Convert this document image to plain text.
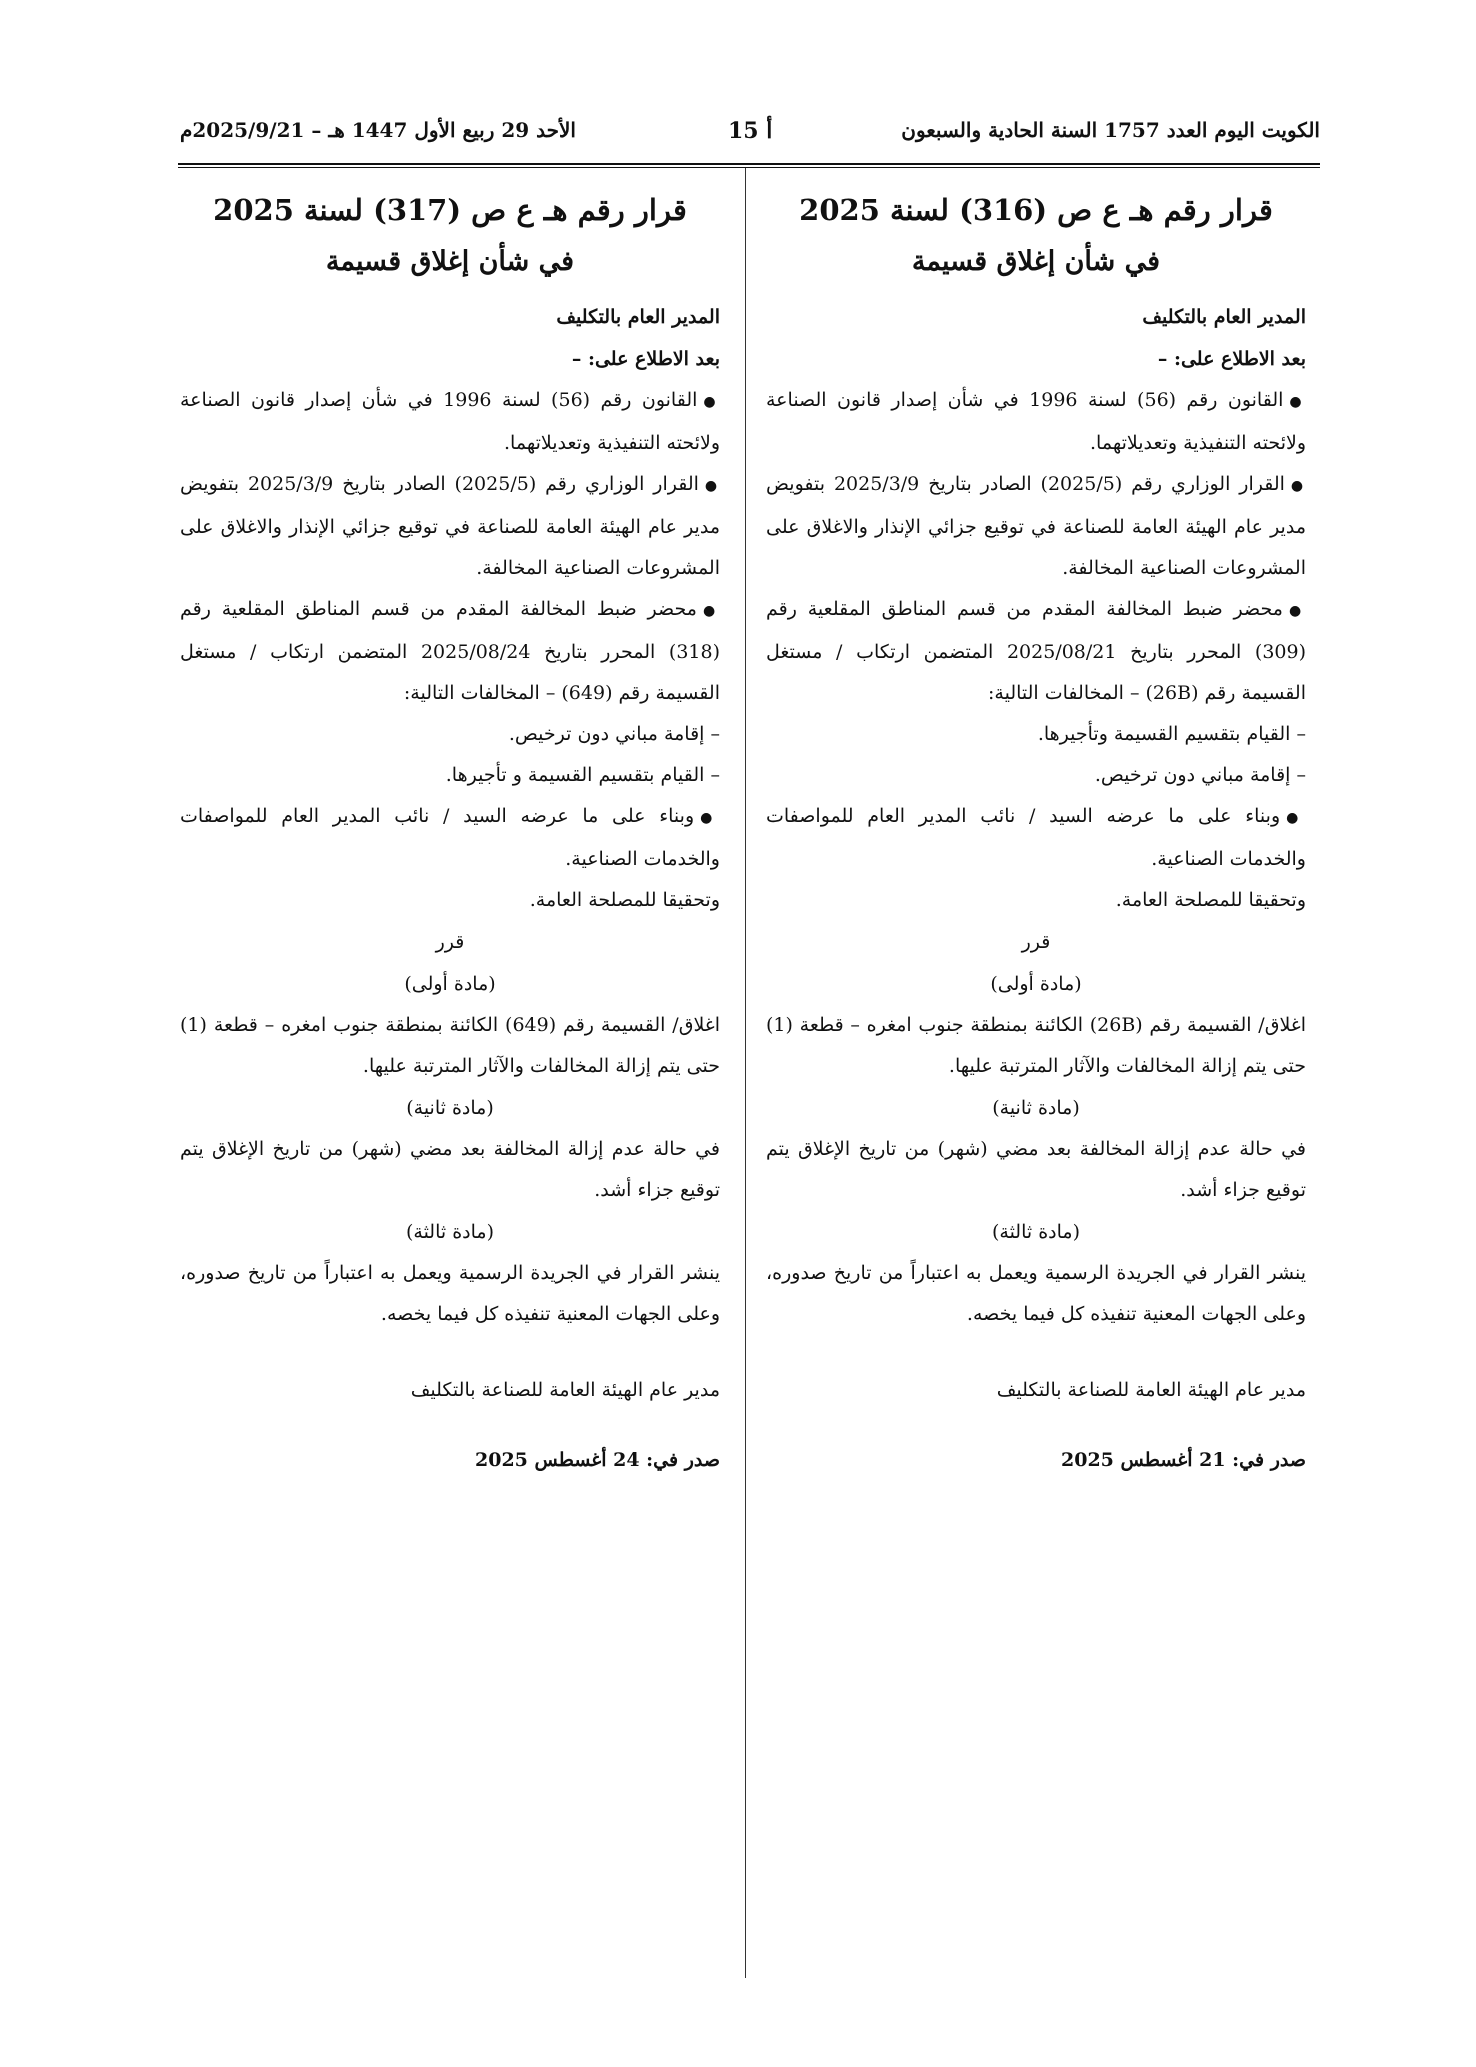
الكويت اليوم العدد 1757 السنة الحادية والسبعون
أ 15
الأحد 29 ربيع الأول 1447 هـ – 2025/9/21م
قرار رقم هـ ع ص (316) لسنة 2025
في شأن إغلاق قسيمة
المدير العام بالتكليف
بعد الاطلاع على: –
●القانون رقم (56) لسنة 1996 في شأن إصدار قانون الصناعة ولائحته التنفيذية وتعديلاتهما.
●القرار الوزاري رقم (2025/5) الصادر بتاريخ 2025/3/9 بتفويض مدير عام الهيئة العامة للصناعة في توقيع جزائي الإنذار والاغلاق على المشروعات الصناعية المخالفة.
●محضر ضبط المخالفة المقدم من قسم المناطق المقلعية رقم (309) المحرر بتاريخ 2025/08/21 المتضمن ارتكاب / مستغل القسيمة رقم (26B) – المخالفات التالية:
– القيام بتقسيم القسيمة وتأجيرها.
– إقامة مباني دون ترخيص.
●وبناء على ما عرضه السيد / نائب المدير العام للمواصفات والخدمات الصناعية.
وتحقيقا للمصلحة العامة.
قرر
(مادة أولى)
اغلاق/ القسيمة رقم (26B) الكائنة بمنطقة جنوب امغره – قطعة (1) حتى يتم إزالة المخالفات والآثار المترتبة عليها.
(مادة ثانية)
في حالة عدم إزالة المخالفة بعد مضي (شهر) من تاريخ الإغلاق يتم توقيع جزاء أشد.
(مادة ثالثة)
ينشر القرار في الجريدة الرسمية ويعمل به اعتباراً من تاريخ صدوره، وعلى الجهات المعنية تنفيذه كل فيما يخصه.
مدير عام الهيئة العامة للصناعة بالتكليف
صدر في: 21 أغسطس 2025
قرار رقم هـ ع ص (317) لسنة 2025
في شأن إغلاق قسيمة
المدير العام بالتكليف
بعد الاطلاع على: –
●القانون رقم (56) لسنة 1996 في شأن إصدار قانون الصناعة ولائحته التنفيذية وتعديلاتهما.
●القرار الوزاري رقم (2025/5) الصادر بتاريخ 2025/3/9 بتفويض مدير عام الهيئة العامة للصناعة في توقيع جزائي الإنذار والاغلاق على المشروعات الصناعية المخالفة.
●محضر ضبط المخالفة المقدم من قسم المناطق المقلعية رقم (318) المحرر بتاريخ 2025/08/24 المتضمن ارتكاب / مستغل القسيمة رقم (649) – المخالفات التالية:
– إقامة مباني دون ترخيص.
– القيام بتقسيم القسيمة و تأجيرها.
●وبناء على ما عرضه السيد / نائب المدير العام للمواصفات والخدمات الصناعية.
وتحقيقا للمصلحة العامة.
قرر
(مادة أولى)
اغلاق/ القسيمة رقم (649) الكائنة بمنطقة جنوب امغره – قطعة (1) حتى يتم إزالة المخالفات والآثار المترتبة عليها.
(مادة ثانية)
في حالة عدم إزالة المخالفة بعد مضي (شهر) من تاريخ الإغلاق يتم توقيع جزاء أشد.
(مادة ثالثة)
ينشر القرار في الجريدة الرسمية ويعمل به اعتباراً من تاريخ صدوره، وعلى الجهات المعنية تنفيذه كل فيما يخصه.
مدير عام الهيئة العامة للصناعة بالتكليف
صدر في: 24 أغسطس 2025
